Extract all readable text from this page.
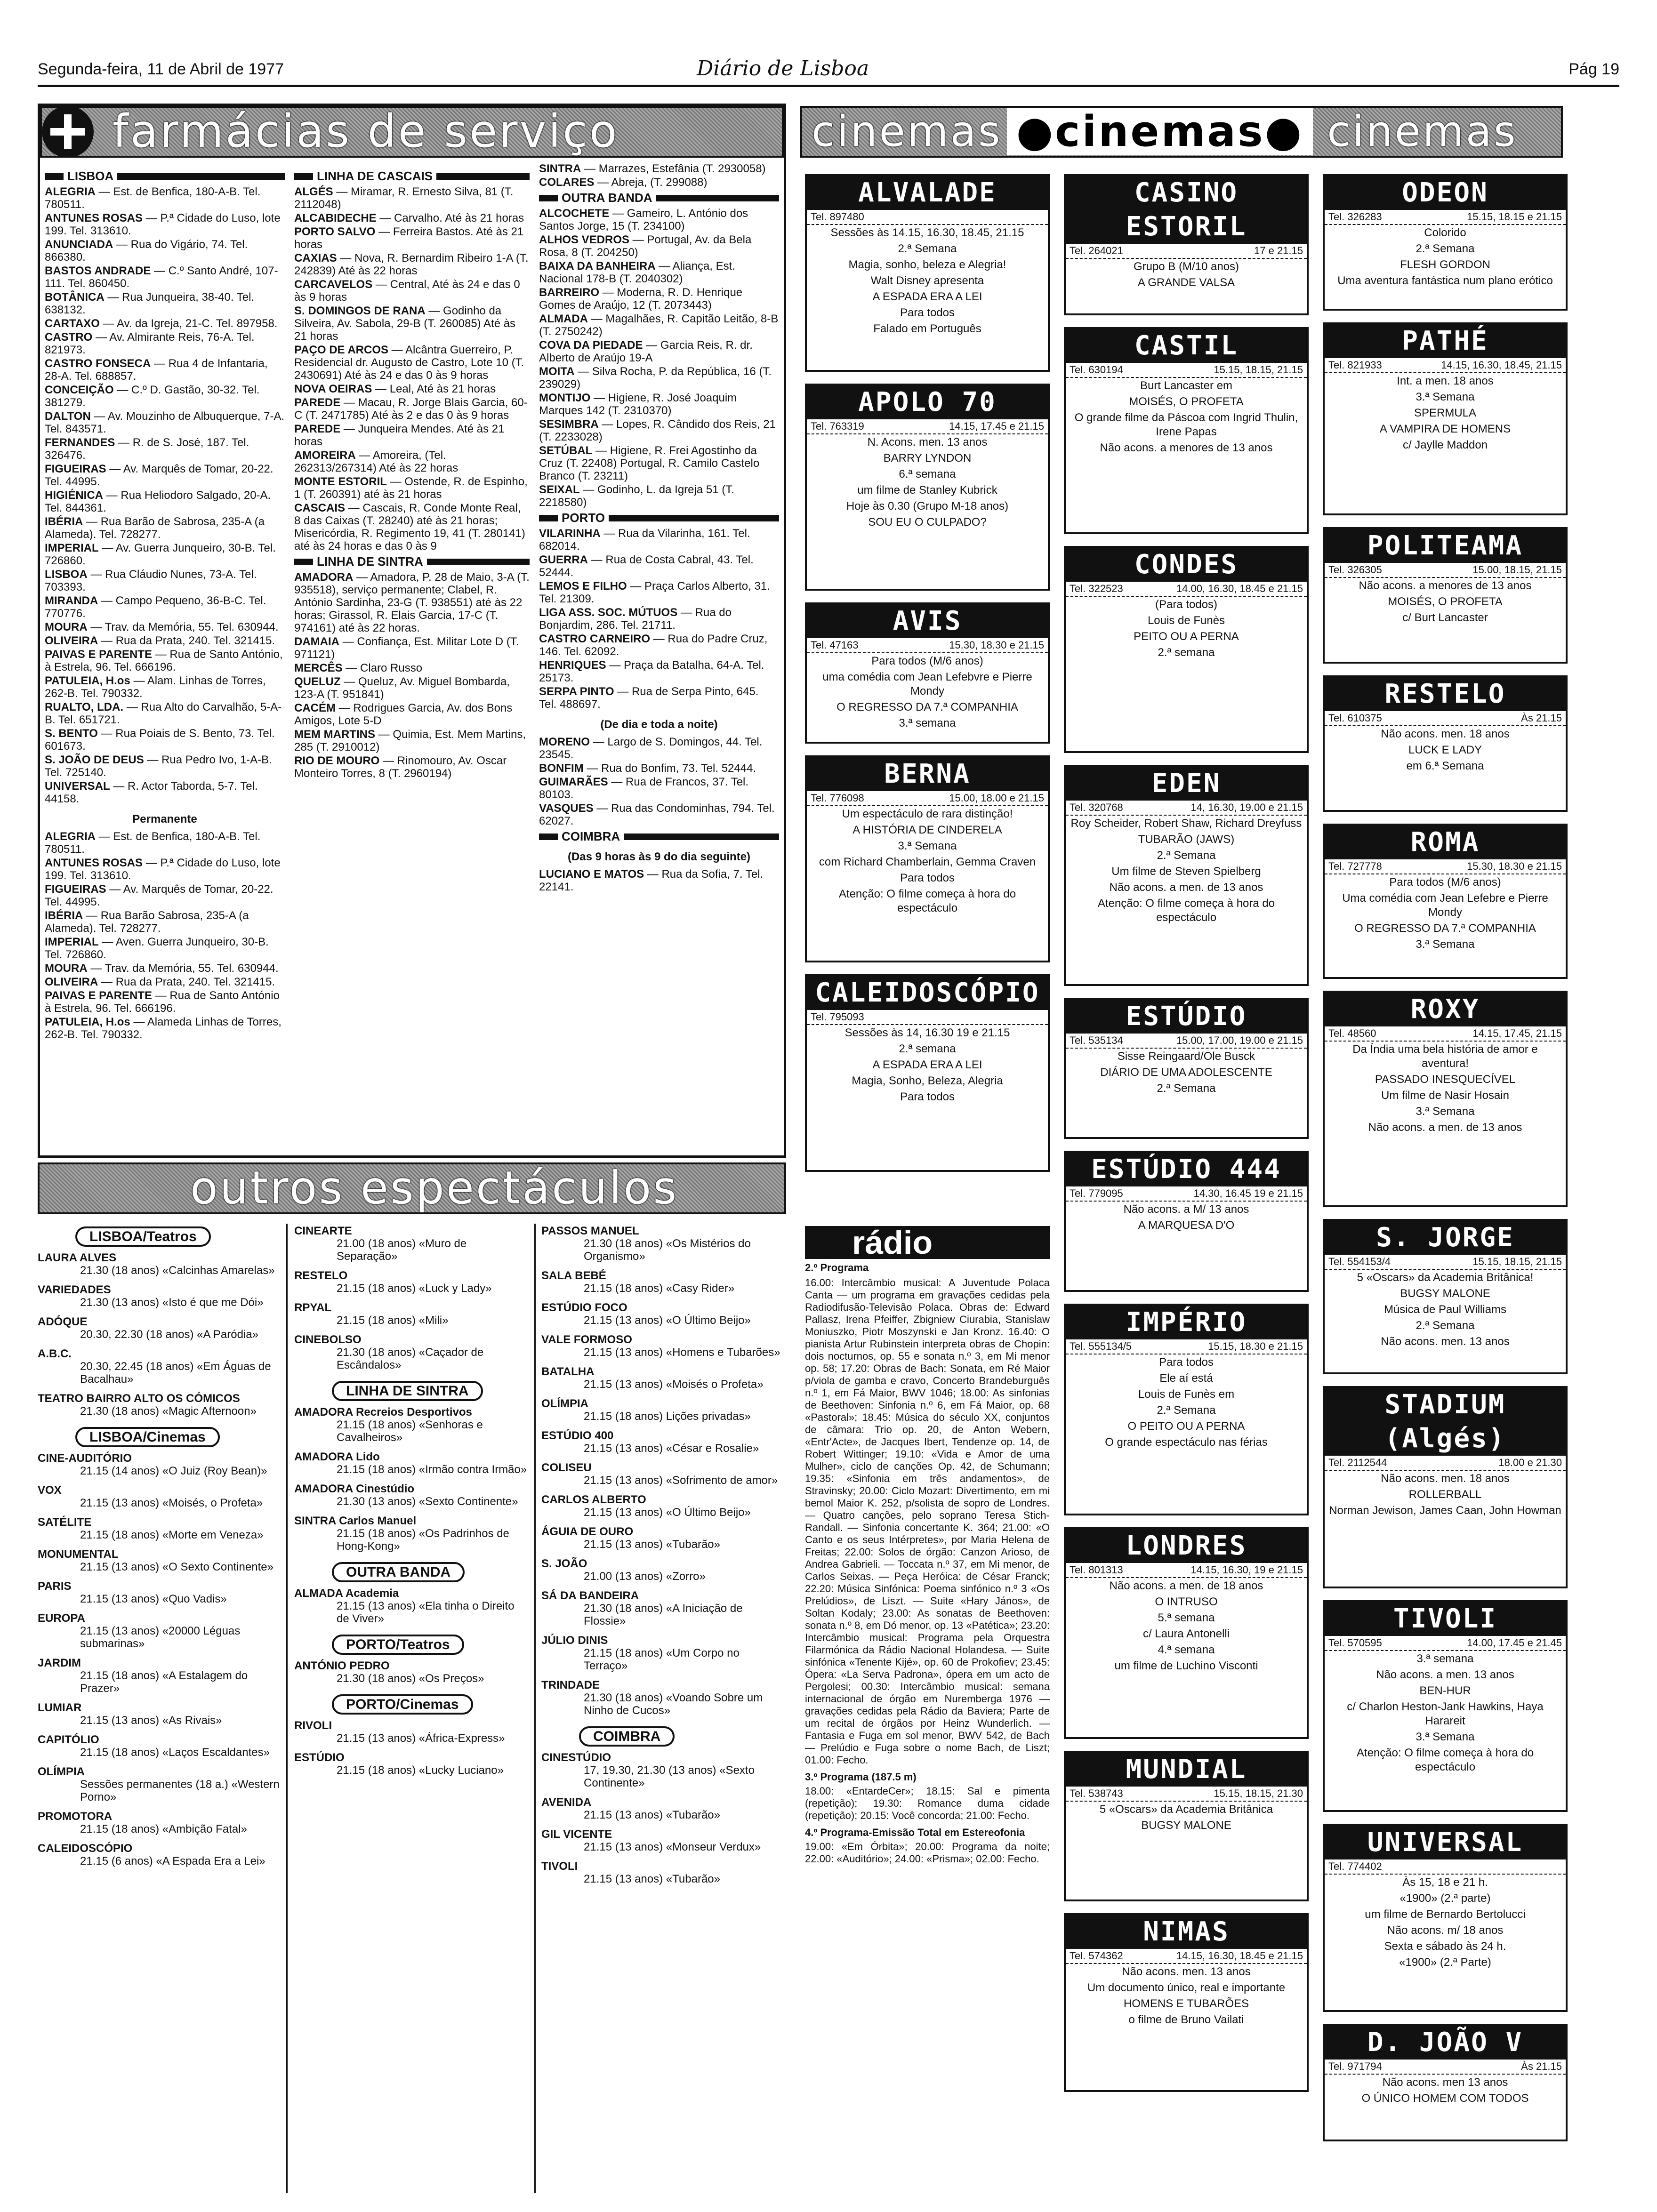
Segunda-feira, 11 de Abril de 1977	Diário de Lisboa	Pág 19
farmácias de serviço
LISBOA
ALEGRIA — Est. de Benfica, 180-A-B. Tel. 780511.
ANTUNES ROSAS — P.ª Cidade do Luso, lote 199. Tel. 313610.
ANUNCIADA — Rua do Vigário, 74. Tel. 866380.
BASTOS ANDRADE — C.º Santo André, 107-111. Tel. 860450.
BOTÂNICA — Rua Junqueira, 38-40. Tel. 638132.
CARTAXO — Av. da Igreja, 21-C. Tel. 897958.
CASTRO — Av. Almirante Reis, 76-A. Tel. 821973.
CASTRO FONSECA — Rua 4 de Infantaria, 28-A. Tel. 688857.
CONCEIÇÃO — C.º D. Gastão, 30-32. Tel. 381279.
DALTON — Av. Mouzinho de Albuquerque, 7-A. Tel. 843571.
FERNANDES — R. de S. José, 187. Tel. 326476.
FIGUEIRAS — Av. Marquês de Tomar, 20-22. Tel. 44995.
HIGIÉNICA — Rua Heliodoro Salgado, 20-A. Tel. 844361.
IBÉRIA — Rua Barão de Sabrosa, 235-A (a Alameda). Tel. 728277.
IMPERIAL — Av. Guerra Junqueiro, 30-B. Tel. 726860.
LISBOA — Rua Cláudio Nunes, 73-A. Tel. 703393.
MIRANDA — Campo Pequeno, 36-B-C. Tel. 770776.
MOURA — Trav. da Memória, 55. Tel. 630944.
OLIVEIRA — Rua da Prata, 240. Tel. 321415.
PAIVAS E PARENTE — Rua de Santo António, à Estrela, 96. Tel. 666196.
PATULEIA, H.os — Alam. Linhas de Torres, 262-B. Tel. 790332.
RUALTO, LDA. — Rua Alto do Carvalhão, 5-A-B. Tel. 651721.
S. BENTO — Rua Poiais de S. Bento, 73. Tel. 601673.
S. JOÃO DE DEUS — Rua Pedro Ivo, 1-A-B. Tel. 725140.
UNIVERSAL — R. Actor Taborda, 5-7. Tel. 44158.
Permanente
ALEGRIA — Est. de Benfica, 180-A-B. Tel. 780511.
ANTUNES ROSAS — P.ª Cidade do Luso, lote 199. Tel. 313610.
FIGUEIRAS — Av. Marquês de Tomar, 20-22. Tel. 44995.
IBÉRIA — Rua Barão Sabrosa, 235-A (a Alameda). Tel. 728277.
IMPERIAL — Aven. Guerra Junqueiro, 30-B. Tel. 726860.
MOURA — Trav. da Memória, 55. Tel. 630944.
OLIVEIRA — Rua da Prata, 240. Tel. 321415.
PAIVAS E PARENTE — Rua de Santo António à Estrela, 96. Tel. 666196.
PATULEIA, H.os — Alameda Linhas de Torres, 262-B. Tel. 790332.
LINHA DE CASCAIS
ALGÉS — Miramar, R. Ernesto Silva, 81 (T. 2112048)
ALCABIDECHE — Carvalho. Até às 21 horas
PORTO SALVO — Ferreira Bastos. Até às 21 horas
CAXIAS — Nova, R. Bernardim Ribeiro 1-A (T. 242839) Até às 22 horas
CARCAVELOS — Central, Até às 24 e das 0 às 9 horas
S. DOMINGOS DE RANA — Godinho da Silveira, Av. Sabola, 29-B (T. 260085) Até às 21 horas
PAÇO DE ARCOS — Alcântra Guerreiro, P. Residencial dr. Augusto de Castro, Lote 10 (T. 2430691) Até às 24 e das 0 às 9 horas
NOVA OEIRAS — Leal, Até às 21 horas
PAREDE — Macau, R. Jorge Blais Garcia, 60-C (T. 2471785) Até às 2 e das 0 às 9 horas
PAREDE — Junqueira Mendes. Até às 21 horas
AMOREIRA — Amoreira, (Tel. 262313/267314) Até às 22 horas
MONTE ESTORIL — Ostende, R. de Espinho, 1 (T. 260391) até às 21 horas
CASCAIS — Cascais, R. Conde Monte Real, 8 das Caixas (T. 28240) até às 21 horas; Misericórdia, R. Regimento 19, 41 (T. 280141) até às 24 horas e das 0 às 9
LINHA DE SINTRA
AMADORA — Amadora, P. 28 de Maio, 3-A (T. 935518), serviço permanente; Clabel, R. António Sardinha, 23-G (T. 938551) até às 22 horas; Girassol, R. Elais Garcia, 17-C (T. 974161) até às 22 horas.
DAMAIA — Confiança, Est. Militar Lote D (T. 971121)
MERCÊS — Claro Russo
QUELUZ — Queluz, Av. Miguel Bombarda, 123-A (T. 951841)
CACÉM — Rodrigues Garcia, Av. dos Bons Amigos, Lote 5-D
MEM MARTINS — Quimia, Est. Mem Martins, 285 (T. 2910012)
RIO DE MOURO — Rinomouro, Av. Oscar Monteiro Torres, 8 (T. 2960194)
SINTRA — Marrazes, Estefânia (T. 2930058)
COLARES — Abreja, (T. 299088)
OUTRA BANDA
ALCOCHETE — Gameiro, L. António dos Santos Jorge, 15 (T. 234100)
ALHOS VEDROS — Portugal, Av. da Bela Rosa, 8 (T. 204250)
BAIXA DA BANHEIRA — Aliança, Est. Nacional 178-B (T. 2040302)
BARREIRO — Moderna, R. D. Henrique Gomes de Araújo, 12 (T. 2073443)
ALMADA — Magalhães, R. Capitão Leitão, 8-B (T. 2750242)
COVA DA PIEDADE — Garcia Reis, R. dr. Alberto de Araújo 19-A
MOITA — Silva Rocha, P. da República, 16 (T. 239029)
MONTIJO — Higiene, R. José Joaquim Marques 142 (T. 2310370)
SESIMBRA — Lopes, R. Cândido dos Reis, 21 (T. 2233028)
SETÚBAL — Higiene, R. Frei Agostinho da Cruz (T. 22408) Portugal, R. Camilo Castelo Branco (T. 23211)
SEIXAL — Godinho, L. da Igreja 51 (T. 2218580)
PORTO
VILARINHA — Rua da Vilarinha, 161. Tel. 682014.
GUERRA — Rua de Costa Cabral, 43. Tel. 52444.
LEMOS E FILHO — Praça Carlos Alberto, 31. Tel. 21309.
LIGA ASS. SOC. MÚTUOS — Rua do Bonjardim, 286. Tel. 21711.
CASTRO CARNEIRO — Rua do Padre Cruz, 146. Tel. 62092.
HENRIQUES — Praça da Batalha, 64-A. Tel. 25173.
SERPA PINTO — Rua de Serpa Pinto, 645. Tel. 488697.
(De dia e toda a noite)
MORENO — Largo de S. Domingos, 44. Tel. 23545.
BONFIM — Rua do Bonfim, 73. Tel. 52444.
GUIMARÃES — Rua de Francos, 37. Tel. 80103.
VASQUES — Rua das Condominhas, 794. Tel. 62027.
COIMBRA
(Das 9 horas às 9 do dia seguinte)
LUCIANO E MATOS — Rua da Sofia, 7. Tel. 22141.
outros espectáculos
LISBOA/Teatros

LAURA ALVES
21.30 (18 anos) «Calcinhas Amarelas»
VARIEDADES
21.30 (13 anos) «Isto é que me Dói»
ADÓQUE
20.30, 22.30 (18 anos) «A Paródia»
A.B.C.
20.30, 22.45 (18 anos) «Em Águas de Bacalhau»
TEATRO BAIRRO ALTO OS CÓMICOS
21.30 (18 anos) «Magic Afternoon»
LISBOA/Cinemas

CINE-AUDITÓRIO
21.15 (14 anos) «O Juiz (Roy Bean)»
VOX
21.15 (13 anos) «Moisés, o Profeta»
SATÉLITE
21.15 (18 anos) «Morte em Veneza»
MONUMENTAL
21.15 (13 anos) «O Sexto Continente»
PARIS
21.15 (13 anos) «Quo Vadis»
EUROPA
21.15 (13 anos) «20000 Léguas submarinas»
JARDIM
21.15 (18 anos) «A Estalagem do Prazer»
LUMIAR
21.15 (13 anos) «As Rivais»
CAPITÓLIO
21.15 (18 anos) «Laços Escaldantes»
OLÍMPIA
Sessões permanentes (18 a.) «Western Porno»
PROMOTORA
21.15 (18 anos) «Ambição Fatal»
CALEIDOSCÓPIO
21.15 (6 anos) «A Espada Era a Lei»
CINEARTE
21.00 (18 anos) «Muro de Separação»
RESTELO
21.15 (18 anos) «Luck y Lady»
RPYAL
21.15 (18 anos) «Mili»
CINEBOLSO
21.30 (18 anos) «Caçador de Escândalos»
LINHA DE SINTRA

AMADORA Recreios Desportivos
21.15 (18 anos) «Senhoras e Cavalheiros»
AMADORA Lido
21.15 (18 anos) «Irmão contra Irmão»
AMADORA Cinestúdio
21.30 (13 anos) «Sexto Continente»
SINTRA Carlos Manuel
21.15 (18 anos) «Os Padrinhos de Hong-Kong»
OUTRA BANDA

ALMADA Academia
21.15 (13 anos) «Ela tinha o Direito de Viver»
PORTO/Teatros

ANTÓNIO PEDRO
21.30 (18 anos) «Os Preços»
PORTO/Cinemas

RIVOLI
21.15 (13 anos) «África-Express»
ESTÚDIO
21.15 (18 anos) «Lucky Luciano»
PASSOS MANUEL
21.30 (18 anos) «Os Mistérios do Organismo»
SALA BEBÉ
21.15 (18 anos) «Casy Rider»
ESTÚDIO FOCO
21.15 (13 anos) «O Último Beijo»
VALE FORMOSO
21.15 (13 anos) «Homens e Tubarões»
BATALHA
21.15 (13 anos) «Moisés o Profeta»
OLÍMPIA
21.15 (18 anos) Lições privadas»
ESTÚDIO 400
21.15 (13 anos) «César e Rosalie»
COLISEU
21.15 (13 anos) «Sofrimento de amor»
CARLOS ALBERTO
21.15 (13 anos) «O Último Beijo»
ÁGUIA DE OURO
21.15 (13 anos) «Tubarão»
S. JOÃO
21.00 (13 anos) «Zorro»
SÁ DA BANDEIRA
21.30 (18 anos) «A Iniciação de Flossie»
JÚLIO DINIS
21.15 (18 anos) «Um Corpo no Terraço»
TRINDADE
21.30 (18 anos) «Voando Sobre um Ninho de Cucos»
COIMBRA

CINESTÚDIO
17, 19.30, 21.30 (13 anos) «Sexto Continente»
AVENIDA
21.15 (13 anos) «Tubarão»
GIL VICENTE
21.15 (13 anos) «Monseur Verdux»
TIVOLI
21.15 (13 anos) «Tubarão»
cinemas ●cinemas● cinemas
ALVALADE
Tel. 897480
Sessões às 14.15, 16.30, 18.45, 21.15
2.ª Semana
Magia, sonho, beleza e Alegria!
Walt Disney apresenta
A ESPADA ERA A LEI
Para todos
Falado em Português
APOLO 70
Tel. 763319	14.15, 17.45 e 21.15
N. Acons. men. 13 anos
BARRY LYNDON
6.ª semana
um filme de Stanley Kubrick
Hoje às 0.30 (Grupo M-18 anos)
SOU EU O CULPADO?
AVIS
Tel. 47163	15.30, 18.30 e 21.15
Para todos (M/6 anos)
uma comédia com Jean Lefebvre e Pierre Mondy
O REGRESSO DA 7.ª COMPANHIA
3.ª semana
BERNA
Tel. 776098	15.00, 18.00 e 21.15
Um espectáculo de rara distinção!
A HISTÓRIA DE CINDERELA
3.ª Semana
com Richard Chamberlain, Gemma Craven
Para todos
Atenção: O filme começa à hora do espectáculo
CALEIDOSCÓPIO
Tel. 795093
Sessões às 14, 16.30 19 e 21.15
2.ª semana
A ESPADA ERA A LEI
Magia, Sonho, Beleza, Alegria
Para todos
CASINO ESTORIL
Tel. 264021	17 e 21.15
Grupo B (M/10 anos)
A GRANDE VALSA
CASTIL
Tel. 630194	15.15, 18.15, 21.15
Burt Lancaster em
MOISÉS, O PROFETA
O grande filme da Páscoa com Ingrid Thulin, Irene Papas
Não acons. a menores de 13 anos
CONDES
Tel. 322523	14.00, 16.30, 18.45 e 21.15
(Para todos)
Louis de Funès
PEITO OU A PERNA
2.ª semana
EDEN
Tel. 320768	14, 16.30, 19.00 e 21.15
Roy Scheider, Robert Shaw, Richard Dreyfuss
TUBARÃO (JAWS)
2.ª Semana
Um filme de Steven Spielberg
Não acons. a men. de 13 anos
Atenção: O filme começa à hora do espectáculo
ESTÚDIO
Tel. 535134	15.00, 17.00, 19.00 e 21.15
Sisse Reingaard/Ole Busck
DIÁRIO DE UMA ADOLESCENTE
2.ª Semana
ESTÚDIO 444
Tel. 779095	14.30, 16.45 19 e 21.15
Não acons. a M/ 13 anos
A MARQUESA D'O
IMPÉRIO
Tel. 555134/5	15.15, 18.30 e 21.15
Para todos
Ele aí está
Louis de Funès em
2.ª Semana
O PEITO OU A PERNA
O grande espectáculo nas férias
LONDRES
Tel. 801313	14.15, 16.30, 19 e 21.15
Não acons. a men. de 18 anos
O INTRUSO
5.ª semana
c/ Laura Antonelli
4.ª semana
um filme de Luchino Visconti
MUNDIAL
Tel. 538743	15.15, 18.15, 21.30
5 «Oscars» da Academia Britânica
BUGSY MALONE
NIMAS
Tel. 574362	14.15, 16.30, 18.45 e 21.15
Não acons. men. 13 anos
Um documento único, real e importante
HOMENS E TUBARÕES
o filme de Bruno Vailati
ODEON
Tel. 326283	15.15, 18.15 e 21.15
Colorido
2.ª Semana
FLESH GORDON
Uma aventura fantástica num plano erótico
PATHÉ
Tel. 821933	14.15, 16.30, 18.45, 21.15
Int. a men. 18 anos
3.ª Semana
SPERMULA
A VAMPIRA DE HOMENS
c/ Jaylle Maddon
POLITEAMA
Tel. 326305	15.00, 18.15, 21.15
Não acons. a menores de 13 anos
MOISÉS, O PROFETA
c/ Burt Lancaster
RESTELO
Tel. 610375	Às 21.15
Não acons. men. 18 anos
LUCK E LADY
em 6.ª Semana
ROMA
Tel. 727778	15.30, 18.30 e 21.15
Para todos (M/6 anos)
Uma comédia com Jean Lefebre e Pierre Mondy
O REGRESSO DA 7.ª COMPANHIA
3.ª Semana
ROXY
Tel. 48560	14.15, 17.45, 21.15
Da Índia uma bela história de amor e aventura!
PASSADO INESQUECÍVEL
Um filme de Nasir Hosain
3.ª Semana
Não acons. a men. de 13 anos
S. JORGE
Tel. 554153/4	15.15, 18.15, 21.15
5 «Oscars» da Academia Britânica!
BUGSY MALONE
Música de Paul Williams
2.ª Semana
Não acons. men. 13 anos
STADIUM (Algés)
Tel. 2112544	18.00 e 21.30
Não acons. men. 18 anos
ROLLERBALL
Norman Jewison, James Caan, John Howman
TIVOLI
Tel. 570595	14.00, 17.45 e 21.45
3.ª semana
Não acons. a men. 13 anos
BEN-HUR
c/ Charlon Heston-Jank Hawkins, Haya Harareit
3.ª Semana
Atenção: O filme começa à hora do espectáculo
UNIVERSAL
Tel. 774402
Às 15, 18 e 21 h.
«1900» (2.ª parte)
um filme de Bernardo Bertolucci
Não acons. m/ 18 anos
Sexta e sábado às 24 h.
«1900» (2.ª Parte)
D. JOÃO V
Tel. 971794	Às 21.15
Não acons. men 13 anos
O ÚNICO HOMEM COM TODOS
rádio
2.º Programa
16.00: Intercâmbio musical: A Juventude Polaca Canta — um programa em gravações cedidas pela Radiodifusão-Televisão Polaca. Obras de: Edward Pallasz, Irena Pfeiffer, Zbigniew Ciurabia, Stanislaw Moniuszko, Piotr Moszynski e Jan Kronz. 16.40: O pianista Artur Rubinstein interpreta obras de Chopin: dois nocturnos, op. 55 e sonata n.º 3, em Mi menor op. 58; 17.20: Obras de Bach: Sonata, em Ré Maior p/viola de gamba e cravo, Concerto Brandeburguês n.º 1, em Fá Maior, BWV 1046; 18.00: As sinfonias de Beethoven: Sinfonia n.º 6, em Fá Maior, op. 68 «Pastoral»; 18.45: Música do século XX, conjuntos de câmara: Trio op. 20, de Anton Webern, «Entr'Acte», de Jacques Ibert, Tendenze op. 14, de Robert Wittinger; 19.10: «Vida e Amor de uma Mulher», ciclo de canções Op. 42, de Schumann; 19.35: «Sinfonia em três andamentos», de Stravinsky; 20.00: Ciclo Mozart: Divertimento, em mi bemol Maior K. 252, p/solista de sopro de Londres. — Quatro canções, pelo soprano Teresa Stich-Randall. — Sinfonia concertante K. 364; 21.00: «O Canto e os seus Intérpretes», por Maria Helena de Freitas; 22.00: Solos de órgão: Canzon Arioso, de Andrea Gabrieli. — Toccata n.º 37, em Mi menor, de Carlos Seixas. — Peça Heróica: de César Franck; 22.20: Música Sinfónica: Poema sinfónico n.º 3 «Os Prelúdios», de Liszt. — Suite «Hary János», de Soltan Kodaly; 23.00: As sonatas de Beethoven: sonata n.º 8, em Dó menor, op. 13 «Patética»; 23.20: Intercâmbio musical: Programa pela Orquestra Filarmónica da Rádio Nacional Holandesa. — Suite sinfónica «Tenente Kijé», op. 60 de Prokofiev; 23.45: Ópera: «La Serva Padrona», ópera em um acto de Pergolesi; 00.30: Intercâmbio musical: semana internacional de órgão em Nuremberga 1976 — gravações cedidas pela Rádio da Baviera; Parte de um recital de órgãos por Heinz Wunderlich. — Fantasia e Fuga em sol menor, BWV 542, de Bach — Prelúdio e Fuga sobre o nome Bach, de Liszt; 01.00: Fecho.
3.º Programa (187.5 m)
18.00: «EntardeCer»; 18.15: Sal e pimenta (repetição); 19.30: Romance duma cidade (repetição); 20.15: Você concorda; 21.00: Fecho.
4.º Programa-Emissão Total em Estereofonia
19.00: «Em Órbita»; 20.00: Programa da noite; 22.00: «Auditório»; 24.00: «Prisma»; 02.00: Fecho.
